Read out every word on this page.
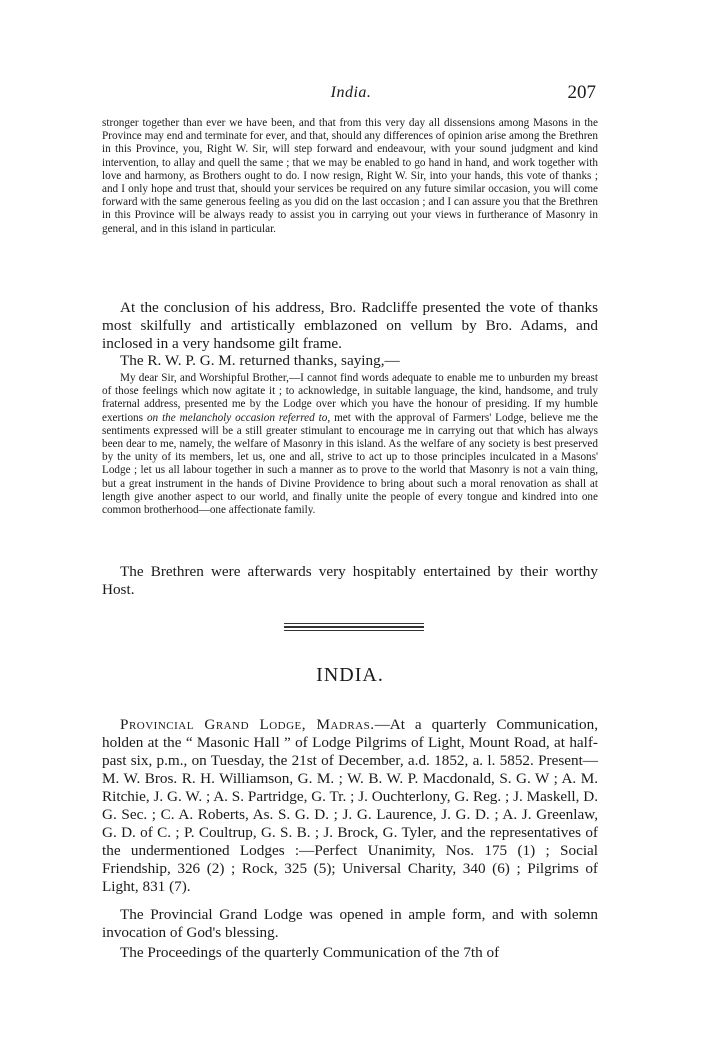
India.	207

stronger together than ever we have been, and that from this very day all dissensions among Masons in the Province may end and terminate for ever, and that, should any differences of opinion arise among the Brethren in this Province, you, Right W. Sir, will step forward and endeavour, with your sound judgment and kind intervention, to allay and quell the same ; that we may be enabled to go hand in hand, and work together with love and harmony, as Brothers ought to do. I now resign, Right W. Sir, into your hands, this vote of thanks ; and I only hope and trust that, should your services be required on any future similar occasion, you will come forward with the same generous feeling as you did on the last occasion ; and I can assure you that the Brethren in this Province will be always ready to assist you in carrying out your views in furtherance of Masonry in general, and in this island in particular.

At the conclusion of his address, Bro. Radcliffe presented the vote of thanks most skilfully and artistically emblazoned on vellum by Bro. Adams, and inclosed in a very handsome gilt frame.

The R. W. P. G. M. returned thanks, saying,—

My dear Sir, and Worshipful Brother,—I cannot find words adequate to enable me to unburden my breast of those feelings which now agitate it ; to acknowledge, in suitable language, the kind, handsome, and truly fraternal address, presented me by the Lodge over which you have the honour of presiding. If my humble exertions on the melancholy occasion referred to, met with the approval of Farmers' Lodge, believe me the sentiments expressed will be a still greater stimulant to encourage me in carrying out that which has always been dear to me, namely, the welfare of Masonry in this island. As the welfare of any society is best preserved by the unity of its members, let us, one and all, strive to act up to those principles inculcated in a Masons' Lodge ; let us all labour together in such a manner as to prove to the world that Masonry is not a vain thing, but a great instrument in the hands of Divine Providence to bring about such a moral renovation as shall at length give another aspect to our world, and finally unite the people of every tongue and kindred into one common brotherhood—one affectionate family.

The Brethren were afterwards very hospitably entertained by their worthy Host.

INDIA.

Provincial Grand Lodge, Madras.—At a quarterly Communication, holden at the “ Masonic Hall ” of Lodge Pilgrims of Light, Mount Road, at half-past six, p.m., on Tuesday, the 21st of December, a.d. 1852, a. l. 5852. Present—M. W. Bros. R. H. Williamson, G. M. ; W. B. W. P. Macdonald, S. G. W ; A. M. Ritchie, J. G. W. ; A. S. Partridge, G. Tr. ; J. Ouchterlony, G. Reg. ; J. Maskell, D. G. Sec. ; C. A. Roberts, As. S. G. D. ; J. G. Laurence, J. G. D. ; A. J. Greenlaw, G. D. of C. ; P. Coultrup, G. S. B. ; J. Brock, G. Tyler, and the representatives of the undermentioned Lodges :—Perfect Unanimity, Nos. 175 (1) ; Social Friendship, 326 (2) ; Rock, 325 (5); Universal Charity, 340 (6) ; Pilgrims of Light, 831 (7).

The Provincial Grand Lodge was opened in ample form, and with solemn invocation of God's blessing.

The Proceedings of the quarterly Communication of the 7th of
